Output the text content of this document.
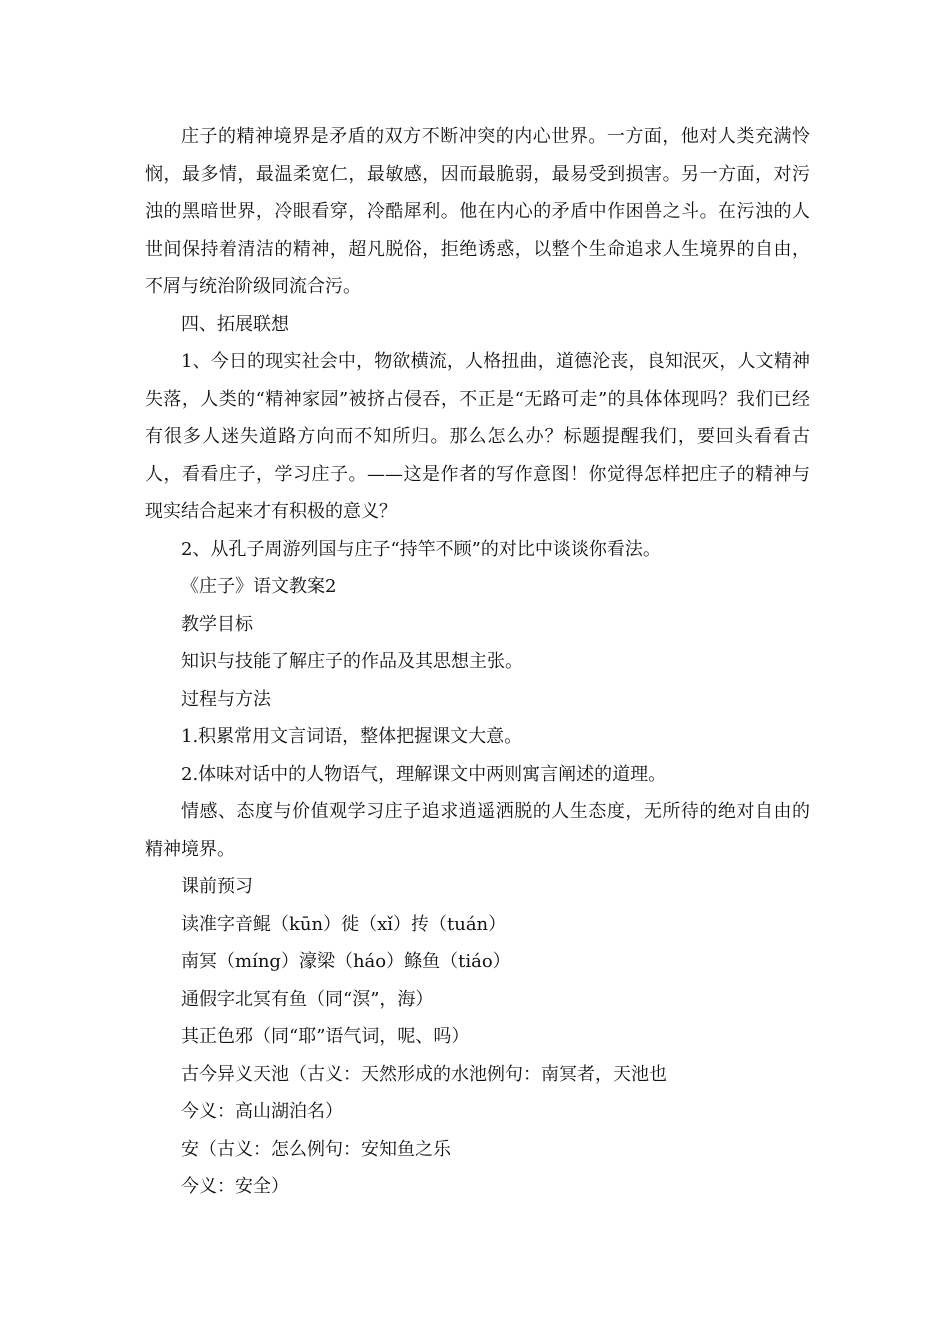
庄子的精神境界是矛盾的双方不断冲突的内心世界。一方面，他对人类充满怜悯，最多情，最温柔宽仁，最敏感，因而最脆弱，最易受到损害。另一方面，对污浊的黑暗世界，冷眼看穿，冷酷犀利。他在内心的矛盾中作困兽之斗。在污浊的人世间保持着清洁的精神，超凡脱俗，拒绝诱惑，以整个生命追求人生境界的自由，不屑与统治阶级同流合污。

四、拓展联想

1、今日的现实社会中，物欲横流，人格扭曲，道德沦丧，良知泯灭，人文精神失落，人类的“精神家园”被挤占侵吞，不正是“无路可走”的具体体现吗？我们已经有很多人迷失道路方向而不知所归。那么怎么办？标题提醒我们，要回头看看古人，看看庄子，学习庄子。——这是作者的写作意图！你觉得怎样把庄子的精神与现实结合起来才有积极的意义？

2、从孔子周游列国与庄子“持竿不顾”的对比中谈谈你看法。

《庄子》语文教案2

教学目标

知识与技能了解庄子的作品及其思想主张。

过程与方法

1.积累常用文言词语，整体把握课文大意。

2.体味对话中的人物语气，理解课文中两则寓言阐述的道理。

情感、态度与价值观学习庄子追求逍遥洒脱的人生态度，无所待的绝对自由的精神境界。

课前预习

读准字音鲲（kūn）徙（xǐ）抟（tuán）

南冥（míng）濠梁（háo）鲦鱼（tiáo）

通假字北冥有鱼（同“溟”，海）

其正色邪（同“耶”语气词，呢、吗）

古今异义天池（古义：天然形成的水池例句：南冥者，天池也

今义：高山湖泊名）

安（古义：怎么例句：安知鱼之乐

今义：安全）
